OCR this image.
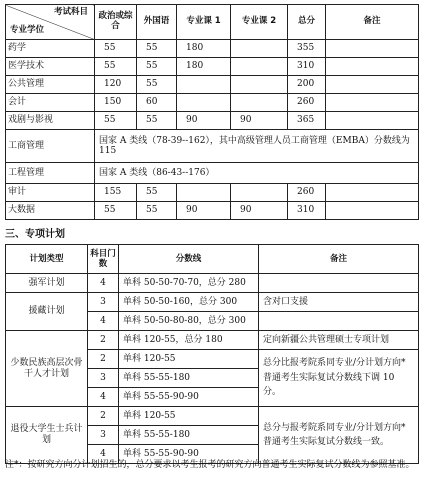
考试科目
专业学位	政治或综合	外国语	专业课 1	专业课 2	总分	备注
药学	55	55	180		355	
医学技术	55	55	180		310	
公共管理	120	55			200	
会计	150	60			260	
戏剧与影视	55	55	90	90	365	
工商管理	国家 A 类线（78-39--162），其中高级管理人员工商管理（EMBA）分数线为 115					
工程管理	国家 A 类线（86-43--176）					
审计	155	55			260	
大数据	55	55	90	90	310	
三、专项计划
计划类型	科目门数	分数线	备注
强军计划	4	单科 50-50-70-70，总分 280	
援藏计划	3	单科 50-50-160，总分 300	含对口支援
	4	单科 50-50-80-80，总分 300	
少数民族高层次骨干人才计划	2	单科 120-55，总分 180	定向新疆公共管理硕士专项计划
	2	单科 120-55	总分比报考院系同专业/分计划方向*普通考生实际复试分数线下调 10 分。
	3	单科 55-55-180	
	4	单科 55-55-90-90	
退役大学生士兵计划	2	单科 120-55	总分与报考院系同专业/分计划方向*普通考生实际复试分数线一致。
	3	单科 55-55-180	
	4	单科 55-55-90-90	
注*：按研究方向分计划招生的，总分要求以考生报考的研究方向普通考生实际复试分数线为参照基准。
